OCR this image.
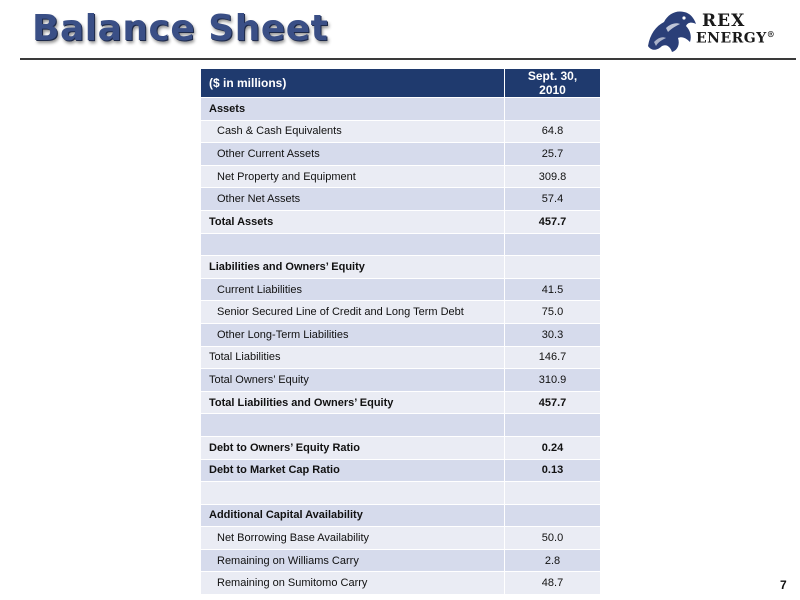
Balance Sheet	REX
ENERGY®
($ in millions)	Sept. 30, 2010
Assets	
Cash & Cash Equivalents	64.8
Other Current Assets	25.7
Net Property and Equipment	309.8
Other Net Assets	57.4
Total Assets	457.7

Liabilities and Owners’ Equity	
Current Liabilities	41.5
Senior Secured Line of Credit and Long Term Debt	75.0
Other Long-Term Liabilities	30.3
Total Liabilities	146.7
Total Owners’ Equity	310.9
Total Liabilities and Owners’ Equity	457.7

Debt to Owners’ Equity Ratio	0.24
Debt to Market Cap Ratio	0.13

Additional Capital Availability	
Net Borrowing Base Availability	50.0
Remaining on Williams Carry	2.8
Remaining on Sumitomo Carry	48.7	7
